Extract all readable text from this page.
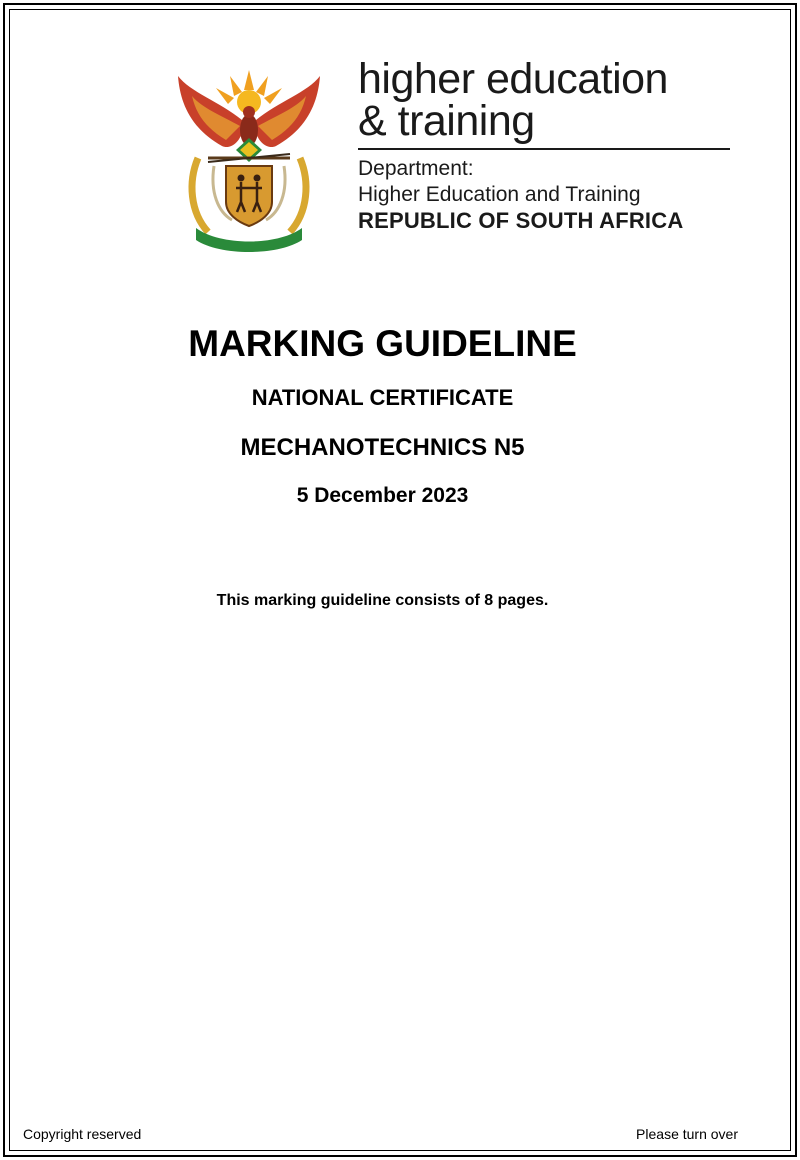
higher education
& training
Department:
Higher Education and Training
REPUBLIC OF SOUTH AFRICA
MARKING GUIDELINE
NATIONAL CERTIFICATE
MECHANOTECHNICS N5
5 December 2023
This marking guideline consists of 8 pages.
Copyright reserved	Please turn over
